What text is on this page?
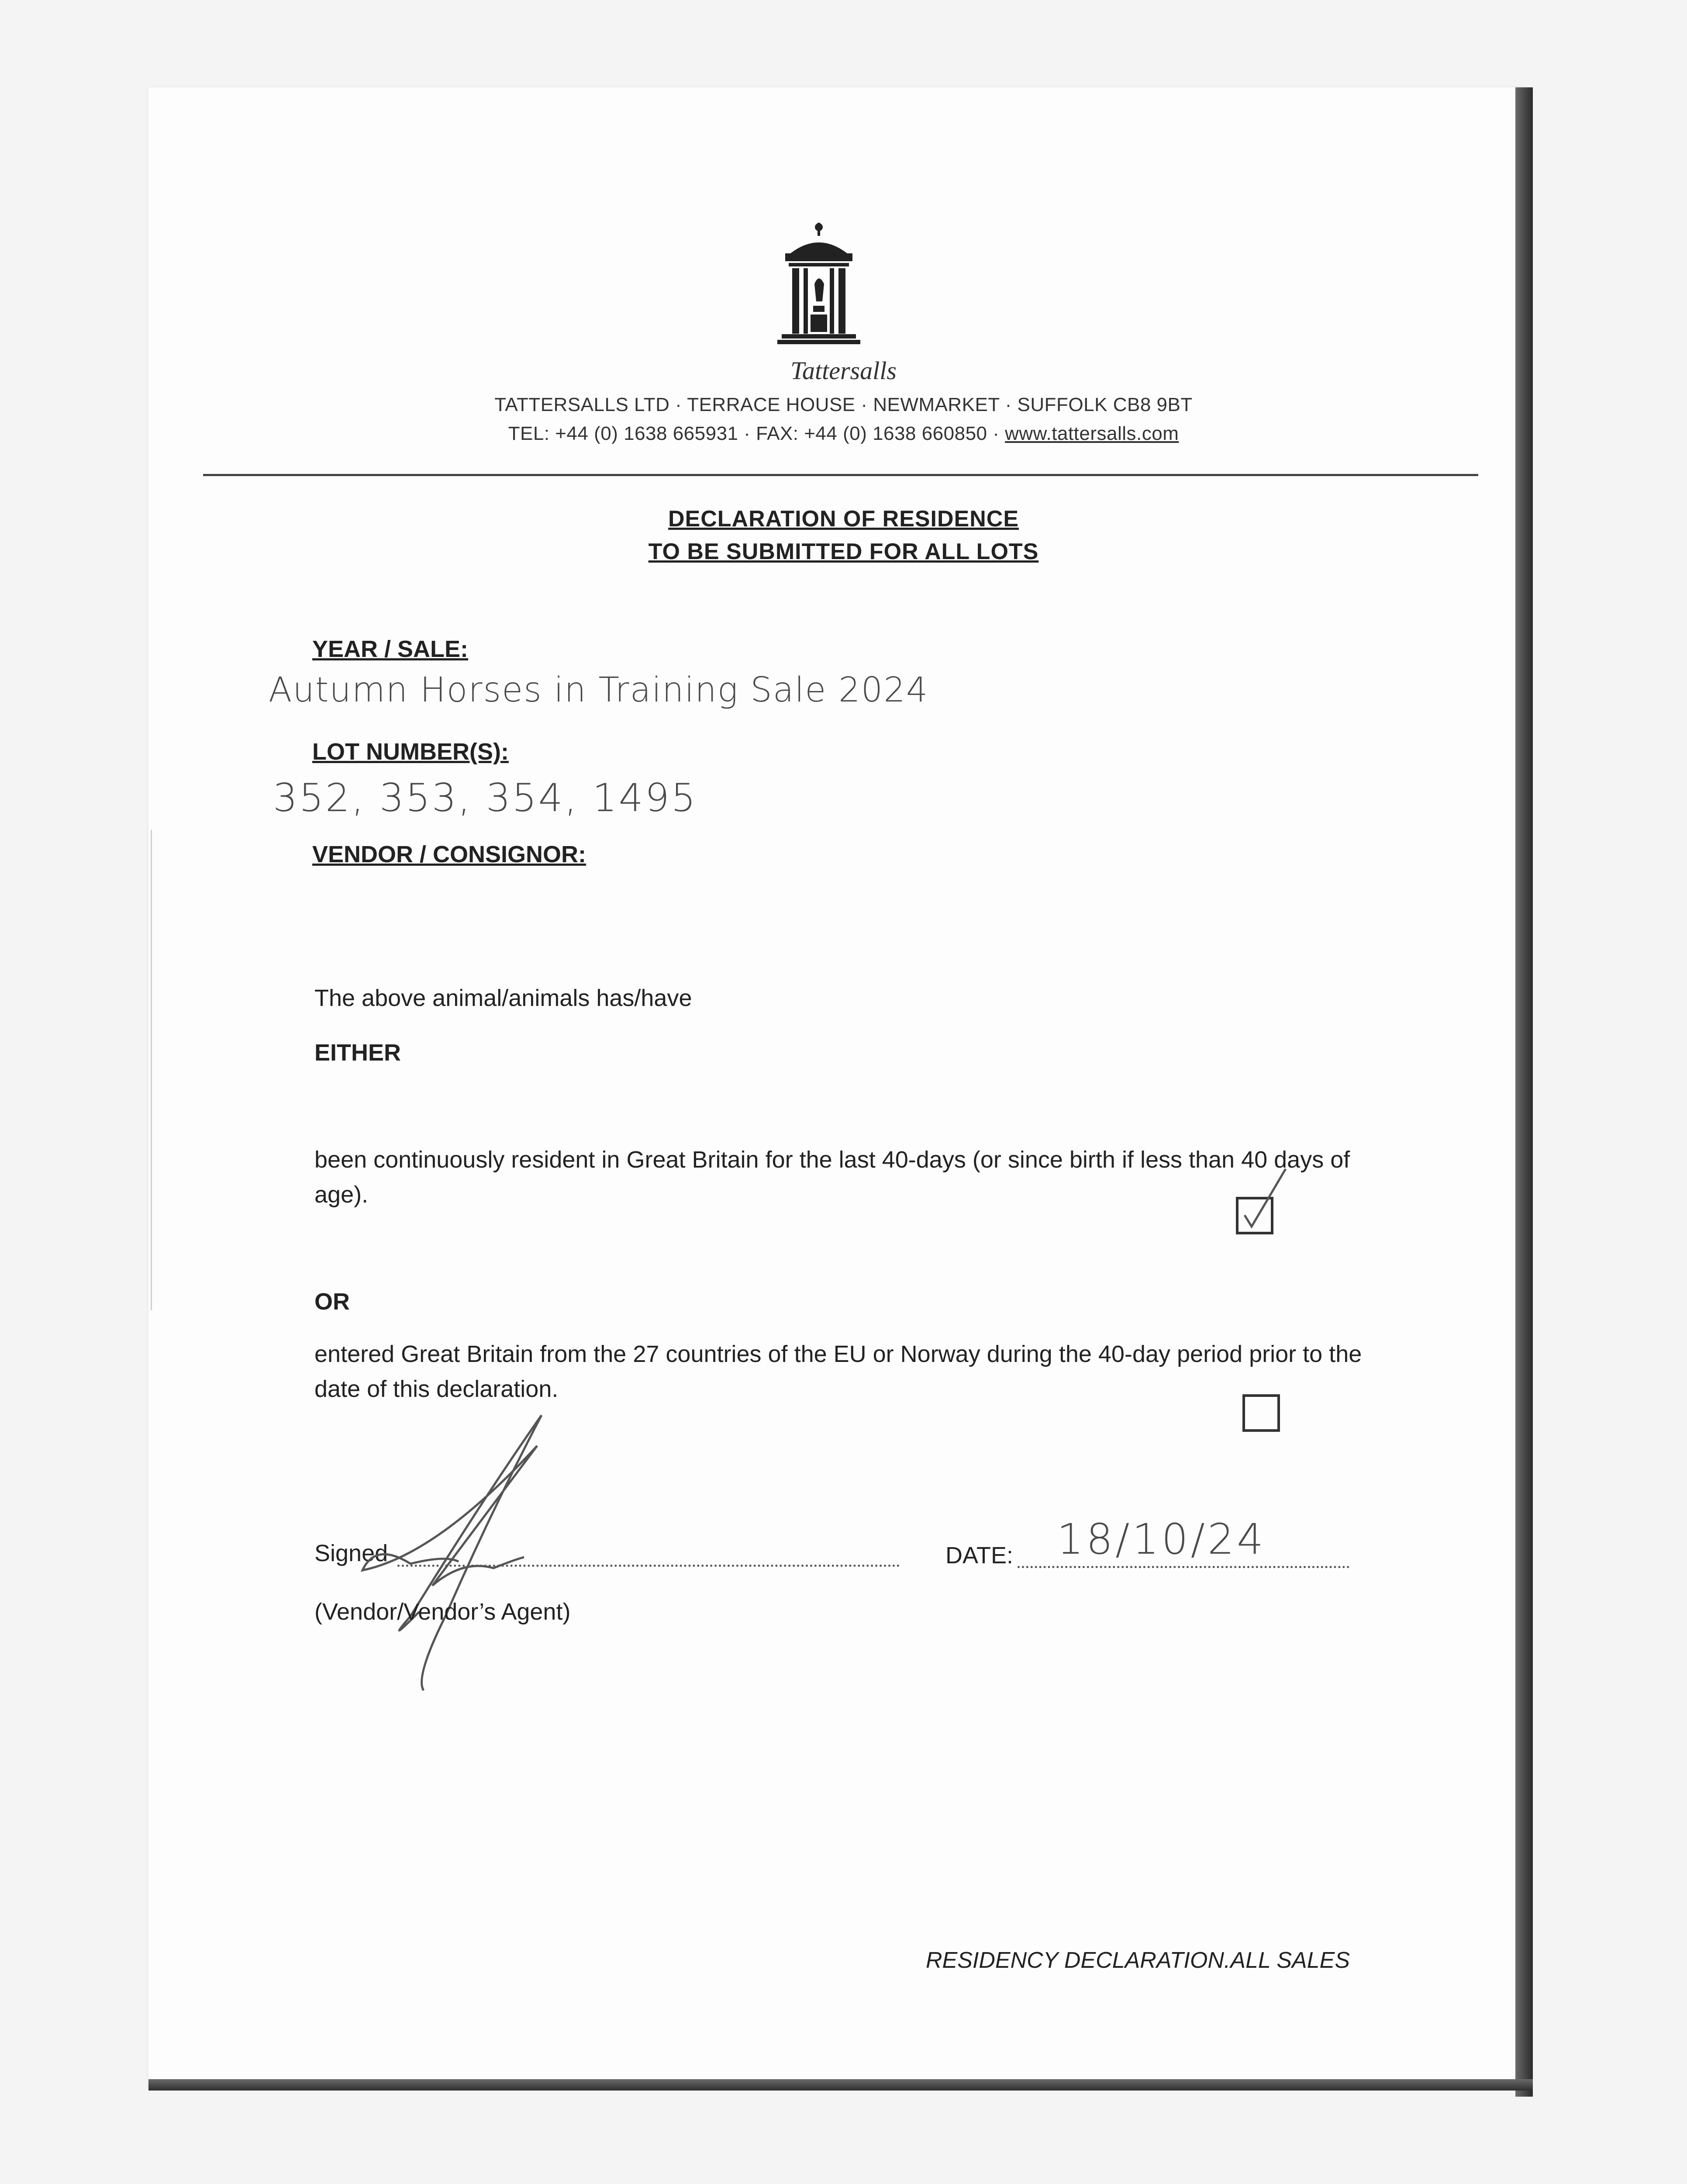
Tattersalls
TATTERSALLS LTD · TERRACE HOUSE · NEWMARKET · SUFFOLK CB8 9BT
TEL: +44 (0) 1638 665931 · FAX: +44 (0) 1638 660850 · www.tattersalls.com
DECLARATION OF RESIDENCE
TO BE SUBMITTED FOR ALL LOTS
YEAR / SALE:
Autumn Horses in Training Sale 2024
LOT NUMBER(S):
352, 353, 354, 1495
VENDOR / CONSIGNOR:
The above animal/animals has/have
EITHER
been continuously resident in Great Britain for the last 40-days (or since birth if less than 40 days of age).
OR
entered Great Britain from the 27 countries of the EU or Norway during the 40-day period prior to the date of this declaration.
Signed	DATE: 18/10/24
(Vendor/Vendor’s Agent)
RESIDENCY DECLARATION.ALL SALES
